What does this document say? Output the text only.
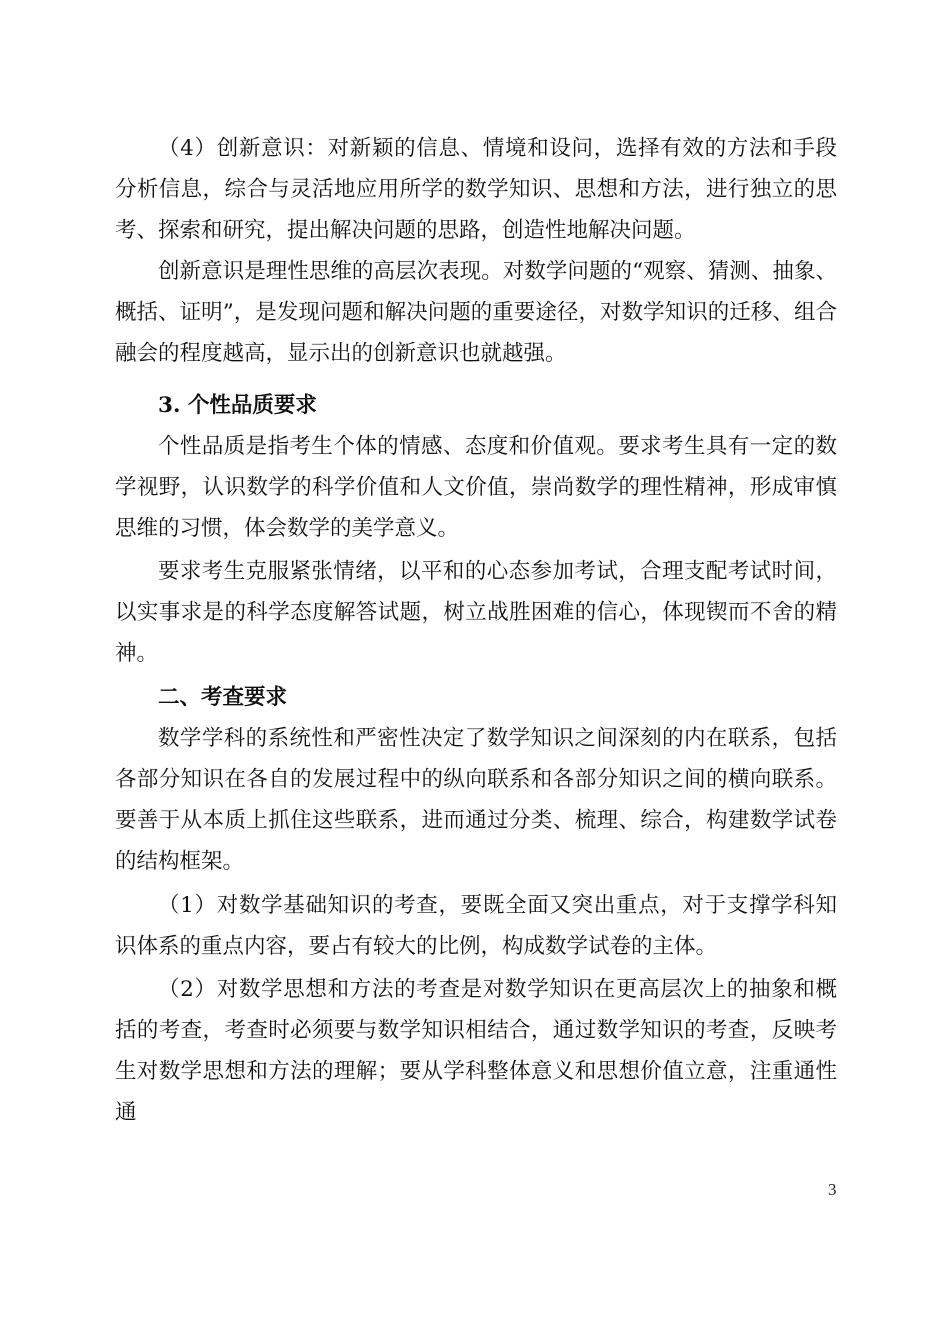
（4）创新意识：对新颖的信息、情境和设问，选择有效的方法和手段分析信息，综合与灵活地应用所学的数学知识、思想和方法，进行独立的思考、探索和研究，提出解决问题的思路，创造性地解决问题。

创新意识是理性思维的高层次表现。对数学问题的“观察、猜测、抽象、概括、证明”，是发现问题和解决问题的重要途径，对数学知识的迁移、组合融会的程度越高，显示出的创新意识也就越强。

3. 个性品质要求

个性品质是指考生个体的情感、态度和价值观。要求考生具有一定的数学视野，认识数学的科学价值和人文价值，崇尚数学的理性精神，形成审慎思维的习惯，体会数学的美学意义。

要求考生克服紧张情绪，以平和的心态参加考试，合理支配考试时间，以实事求是的科学态度解答试题，树立战胜困难的信心，体现锲而不舍的精神。

二、考查要求

数学学科的系统性和严密性决定了数学知识之间深刻的内在联系，包括各部分知识在各自的发展过程中的纵向联系和各部分知识之间的横向联系。要善于从本质上抓住这些联系，进而通过分类、梳理、综合，构建数学试卷的结构框架。

（1）对数学基础知识的考查，要既全面又突出重点，对于支撑学科知识体系的重点内容，要占有较大的比例，构成数学试卷的主体。

（2）对数学思想和方法的考查是对数学知识在更高层次上的抽象和概括的考查，考查时必须要与数学知识相结合，通过数学知识的考查，反映考生对数学思想和方法的理解；要从学科整体意义和思想价值立意，注重通性通

3
